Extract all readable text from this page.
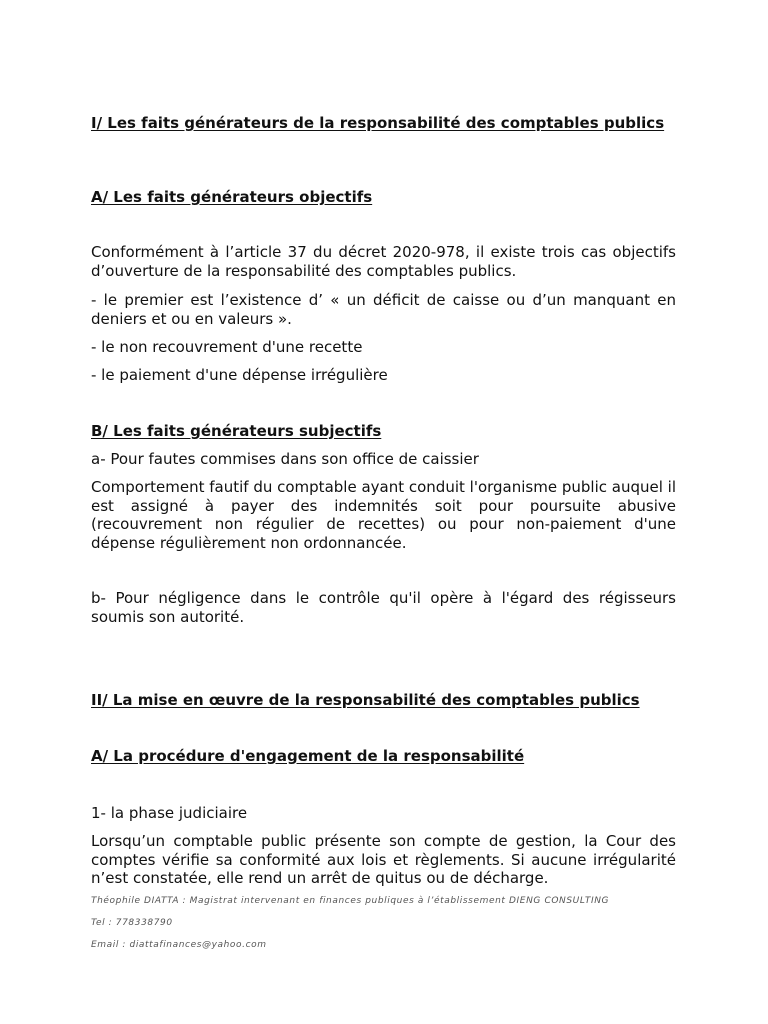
I/ Les faits générateurs de la responsabilité des comptables publics

A/ Les faits générateurs objectifs

Conformément à l’article 37 du décret 2020-978, il existe trois cas objectifs d’ouverture de la responsabilité des comptables publics.

- le premier est l’existence d’ « un déficit de caisse ou d’un manquant en deniers et ou en valeurs ».

- le non recouvrement d'une recette

- le paiement d'une dépense irrégulière

B/ Les faits générateurs subjectifs

a- Pour fautes commises dans son office de caissier

Comportement fautif du comptable ayant conduit l'organisme public auquel il est assigné à payer des indemnités soit pour poursuite abusive (recouvrement non régulier de recettes) ou pour non-paiement d'une dépense régulièrement non ordonnancée.

b- Pour négligence dans le contrôle qu'il opère à l'égard des régisseurs soumis son autorité.

II/ La mise en œuvre de la responsabilité des comptables publics

A/ La procédure d'engagement de la responsabilité

1- la phase judiciaire

Lorsqu’un comptable public présente son compte de gestion, la Cour des comptes vérifie sa conformité aux lois et règlements. Si aucune irrégularité n’est constatée, elle rend un arrêt de quitus ou de décharge.

Théophile DIATTA : Magistrat intervenant en finances publiques à l’établissement DIENG CONSULTING

Tel : 778338790

Email : diattafinances@yahoo.com
